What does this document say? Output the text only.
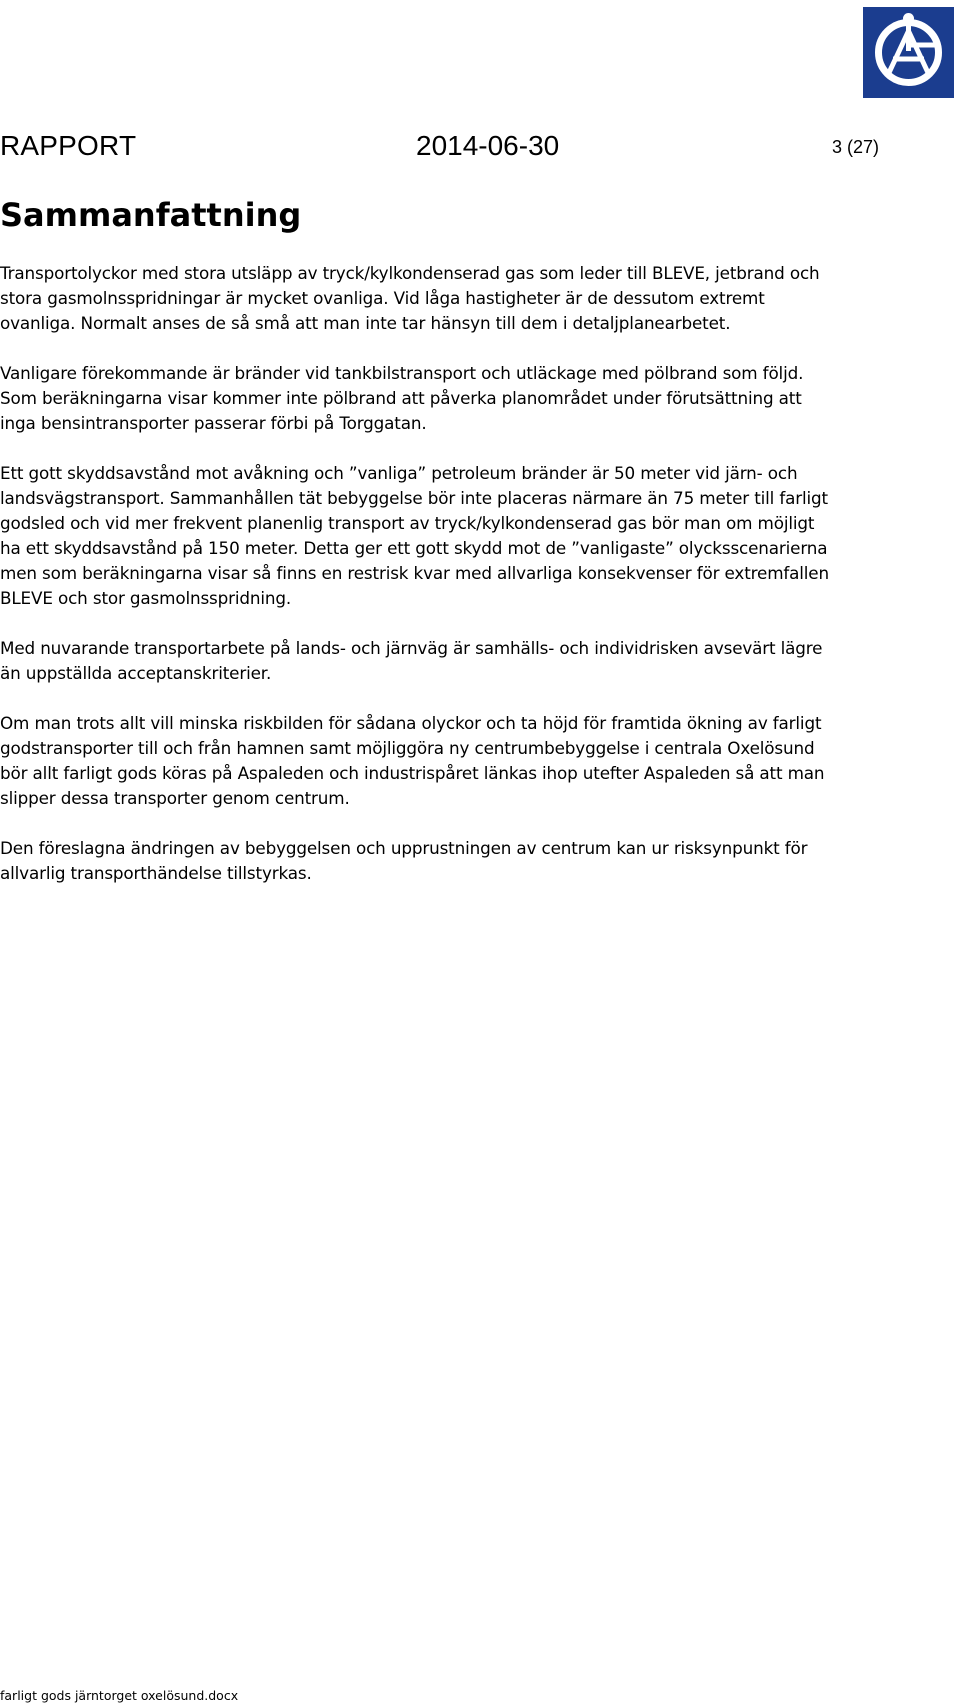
RAPPORT	2014-06-30	3 (27)
Sammanfattning

Transportolyckor med stora utsläpp av tryck/kylkondenserad gas som leder till BLEVE, jetbrand och stora gasmolnsspridningar är mycket ovanliga. Vid låga hastigheter är de dessutom extremt ovanliga. Normalt anses de så små att man inte tar hänsyn till dem i detaljplanearbetet.

Vanligare förekommande är bränder vid tankbilstransport och utläckage med pölbrand som följd. Som beräkningarna visar kommer inte pölbrand att påverka planområdet under förutsättning att inga bensintransporter passerar förbi på Torggatan.

Ett gott skyddsavstånd mot avåkning och ”vanliga” petroleum bränder är 50 meter vid järn- och landsvägstransport. Sammanhållen tät bebyggelse bör inte placeras närmare än 75 meter till farligt godsled och vid mer frekvent planenlig transport av tryck/kylkondenserad gas bör man om möjligt ha ett skyddsavstånd på 150 meter. Detta ger ett gott skydd mot de ”vanligaste” olycksscenarierna men som beräkningarna visar så finns en restrisk kvar med allvarliga konsekvenser för extremfallen BLEVE och stor gasmolnsspridning.

Med nuvarande transportarbete på lands- och järnväg är samhälls- och individrisken avsevärt lägre än uppställda acceptanskriterier.

Om man trots allt vill minska riskbilden för sådana olyckor och ta höjd för framtida ökning av farligt godstransporter till och från hamnen samt möjliggöra ny centrumbebyggelse i centrala Oxelösund bör allt farligt gods köras på Aspaleden och industrispåret länkas ihop utefter Aspaleden så att man slipper dessa transporter genom centrum.

Den föreslagna ändringen av bebyggelsen och upprustningen av centrum kan ur risksynpunkt för allvarlig transporthändelse tillstyrkas.

farligt gods järntorget oxelösund.docx
